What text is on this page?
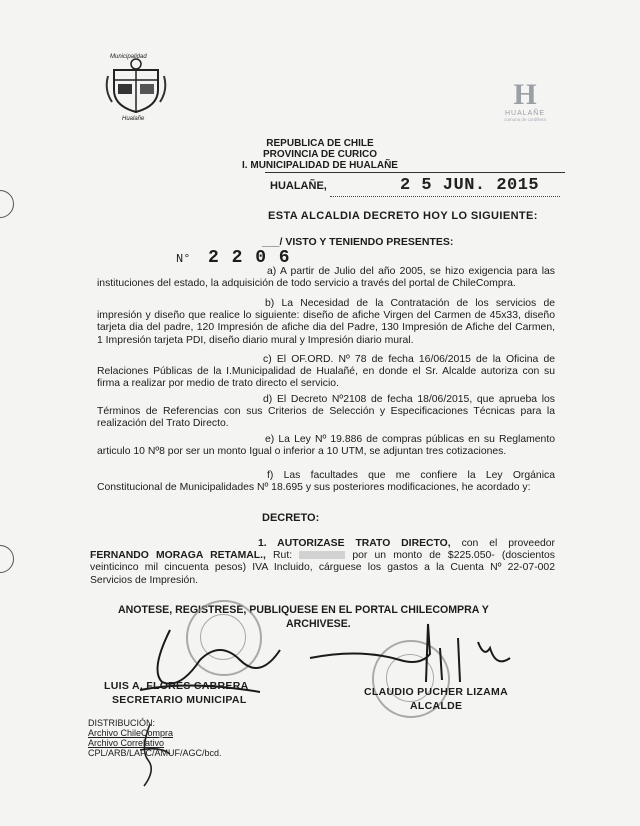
Municipalidad
Hualañe
H
HUALAÑE
comuna de cordillera
REPUBLICA DE CHILE
PROVINCIA DE CURICO
I. MUNICIPALIDAD DE HUALAÑE
HUALAÑE,	2 5 JUN. 2015
ESTA ALCALDIA DECRETO HOY LO SIGUIENTE:
___/ VISTO Y TENIENDO PRESENTES:
N° 2 2 0 6
a) A partir de Julio del año 2005, se hizo exigencia para las instituciones del estado, la adquisición de todo servicio a través del portal de ChileCompra.
b) La Necesidad de la Contratación de los servicios de impresión y diseño que realice lo siguiente: diseño de afiche Virgen del Carmen de 45x33, diseño tarjeta dia del padre, 120 Impresión de afiche dia del Padre, 130 Impresión de Afiche del Carmen, 1 Impresión tarjeta PDI, diseño diario mural y Impresión diario mural.
c) El OF.ORD. Nº 78 de fecha 16/06/2015 de la Oficina de Relaciones Públicas de la I.Municipalidad de Hualañé, en donde el Sr. Alcalde autoriza con su firma a realizar por medio de trato directo el servicio.
d) El Decreto Nº2108 de fecha 18/06/2015, que aprueba los Términos de Referencias con sus Criterios de Selección y Especificaciones Técnicas para la realización del Trato Directo.
e) La Ley Nº 19.886 de compras públicas en su Reglamento articulo 10 Nº8 por ser un monto Igual o inferior a 10 UTM, se adjuntan tres cotizaciones.
f) Las facultades que me confiere la Ley Orgánica Constitucional de Municipalidades Nº 18.695 y sus posteriores modificaciones, he acordado y:
DECRETO:
1. AUTORIZASE TRATO DIRECTO, con el proveedor FERNANDO MORAGA RETAMAL., Rut:	por un monto de $225.050- (doscientos veinticinco mil cincuenta pesos) IVA Incluido, cárguese los gastos a la Cuenta Nº 22-07-002 Servicios de Impresión.
ANOTESE, REGISTRESE, PUBLIQUESE EN EL PORTAL CHILECOMPRA Y
ARCHIVESE.
LUIS A. FLORES CABRERA
SECRETARIO MUNICIPAL
CLAUDIO PUCHER LIZAMA
ALCALDE
DISTRIBUCIÓN:
Archivo ChileCompra
Archivo Correlativo
CPL/ARB/LAFC/AMUF/AGC/bcd.
